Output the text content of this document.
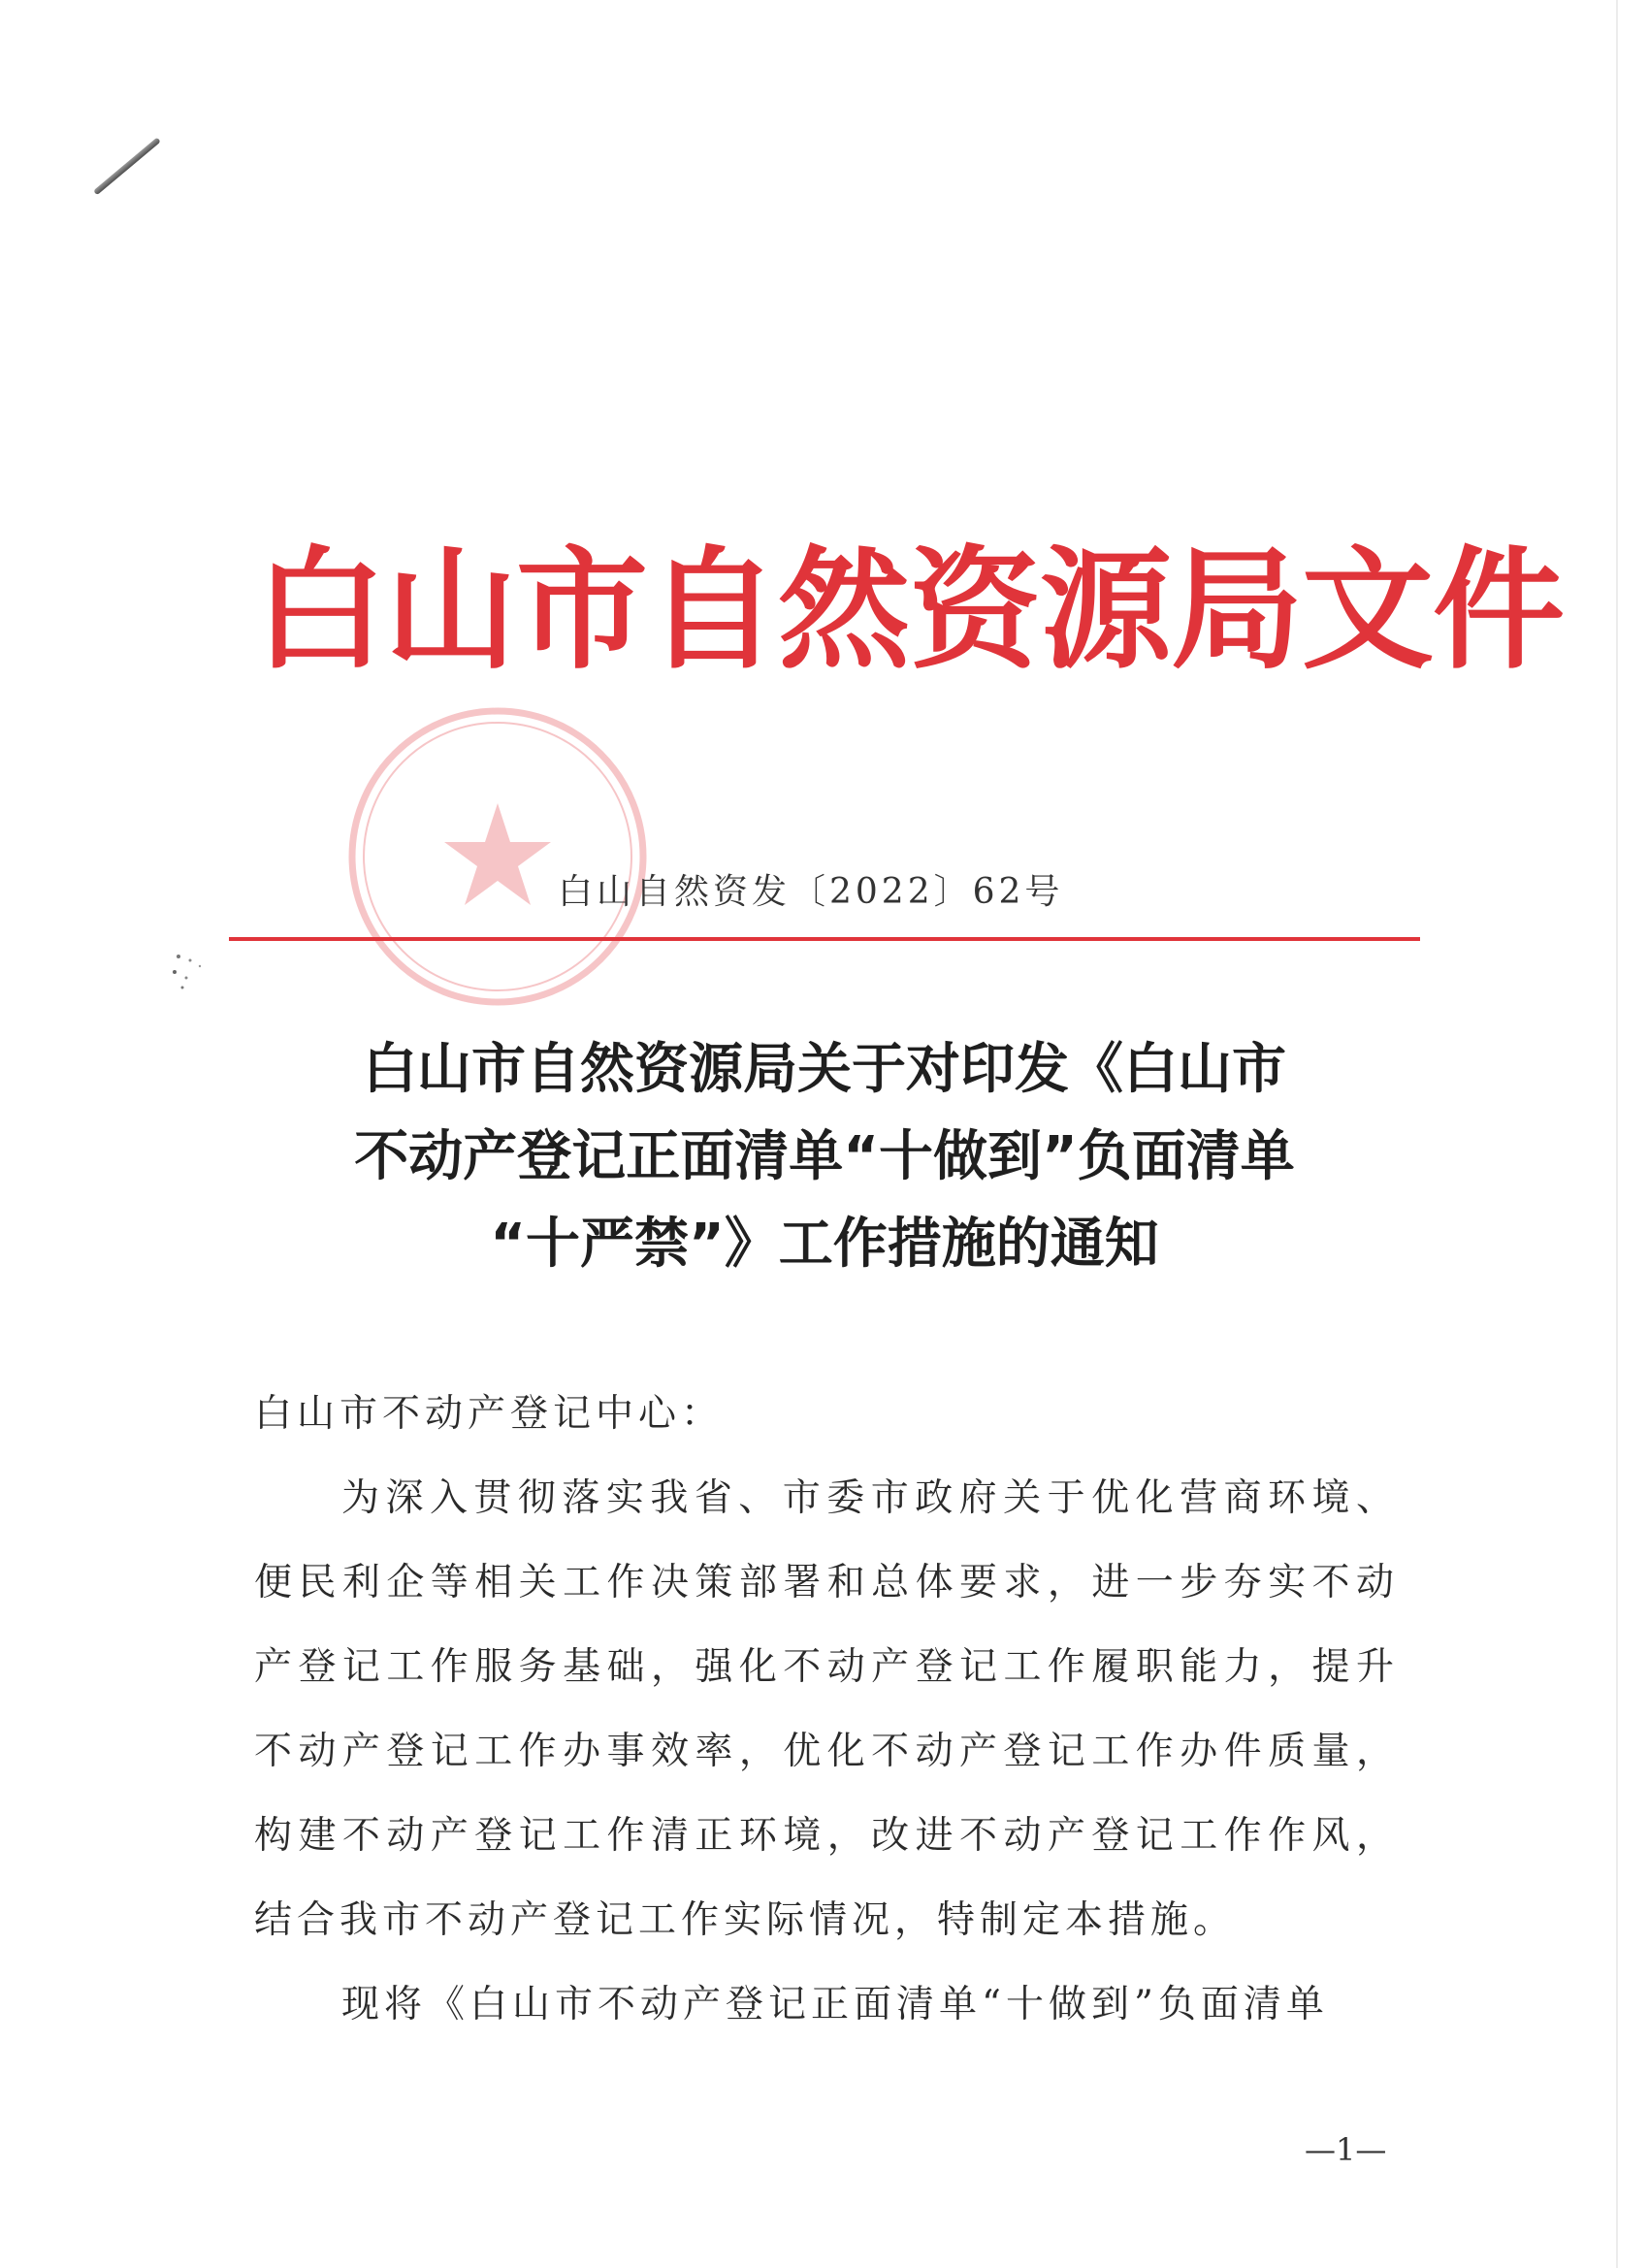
白山市自然资源局文件
白山自然资发〔2022〕62号
白山市自然资源局关于对印发《白山市
不动产登记正面清单“十做到”负面清单
“十严禁”》工作措施的通知

白山市不动产登记中心：

为深入贯彻落实我省、市委市政府关于优化营商环境、便民利企等相关工作决策部署和总体要求，进一步夯实不动产登记工作服务基础，强化不动产登记工作履职能力，提升不动产登记工作办事效率，优化不动产登记工作办件质量，构建不动产登记工作清正环境，改进不动产登记工作作风，结合我市不动产登记工作实际情况，特制定本措施。

现将《白山市不动产登记正面清单“十做到”负面清单

—1—
